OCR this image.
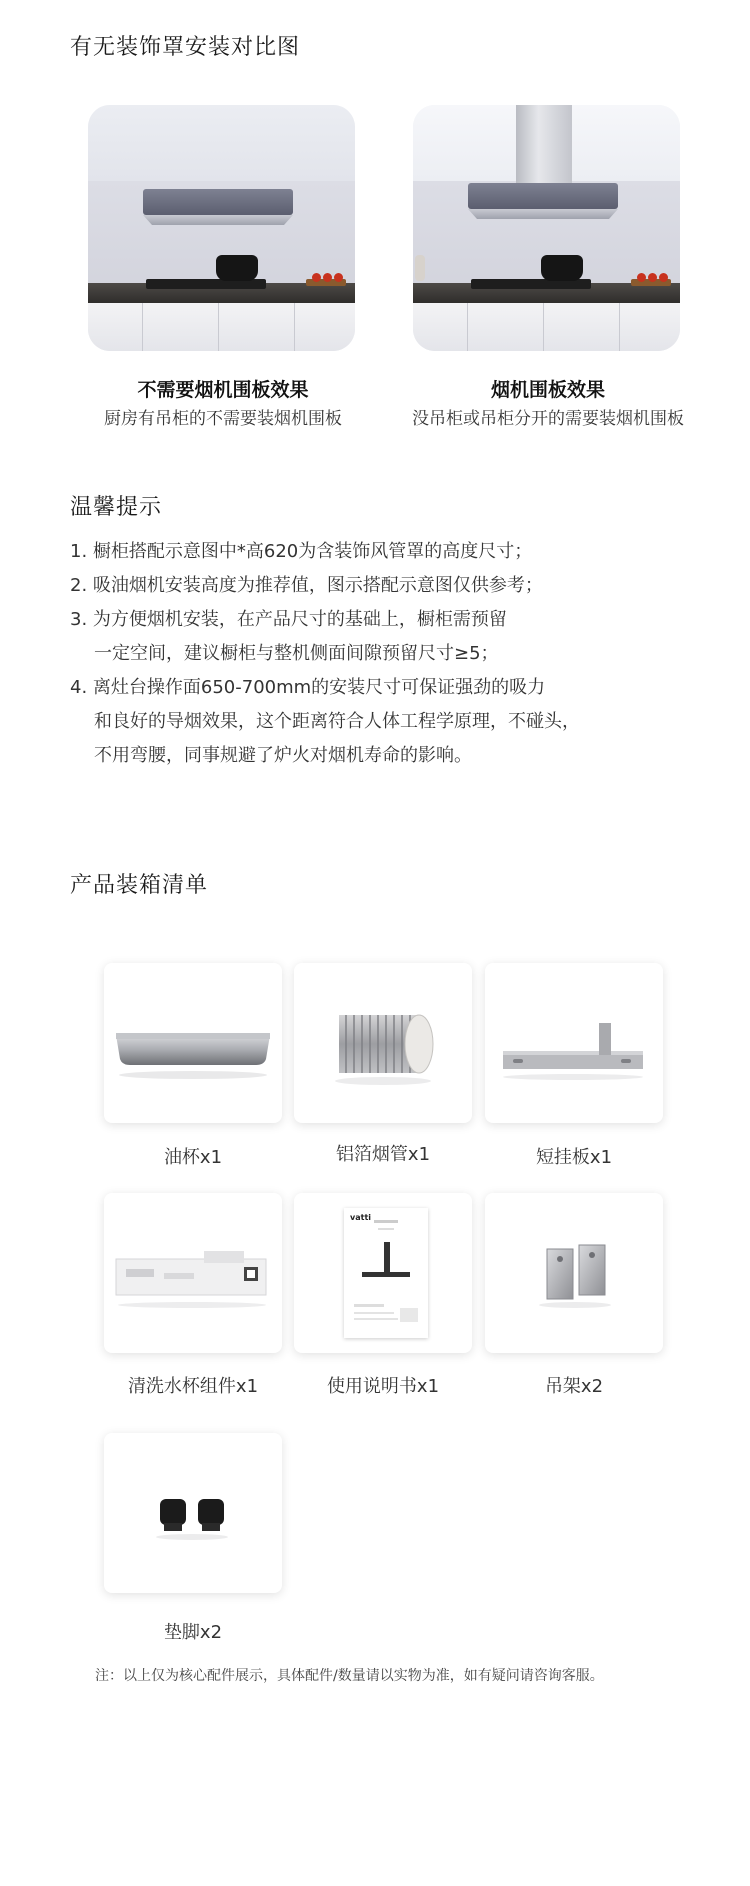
有无装饰罩安装对比图
不需要烟机围板效果
厨房有吊柜的不需要装烟机围板
烟机围板效果
没吊柜或吊柜分开的需要装烟机围板
温馨提示
1. 橱柜搭配示意图中*高620为含装饰风管罩的高度尺寸；
2. 吸油烟机安装高度为推荐值，图示搭配示意图仅供参考；
3. 为方便烟机安装，在产品尺寸的基础上，橱柜需预留
一定空间，建议橱柜与整机侧面间隙预留尺寸≥5；
4. 离灶台操作面650-700mm的安装尺寸可保证强劲的吸力
和良好的导烟效果，这个距离符合人体工程学原理，不碰头，
不用弯腰，同事规避了炉火对烟机寿命的影响。
产品装箱清单
油杯x1	铝箔烟管x1	短挂板x1
清洗水杯组件x1
vatti
使用说明书x1	吊架x2
垫脚x2
注：以上仅为核心配件展示，具体配件/数量请以实物为准，如有疑问请咨询客服。
